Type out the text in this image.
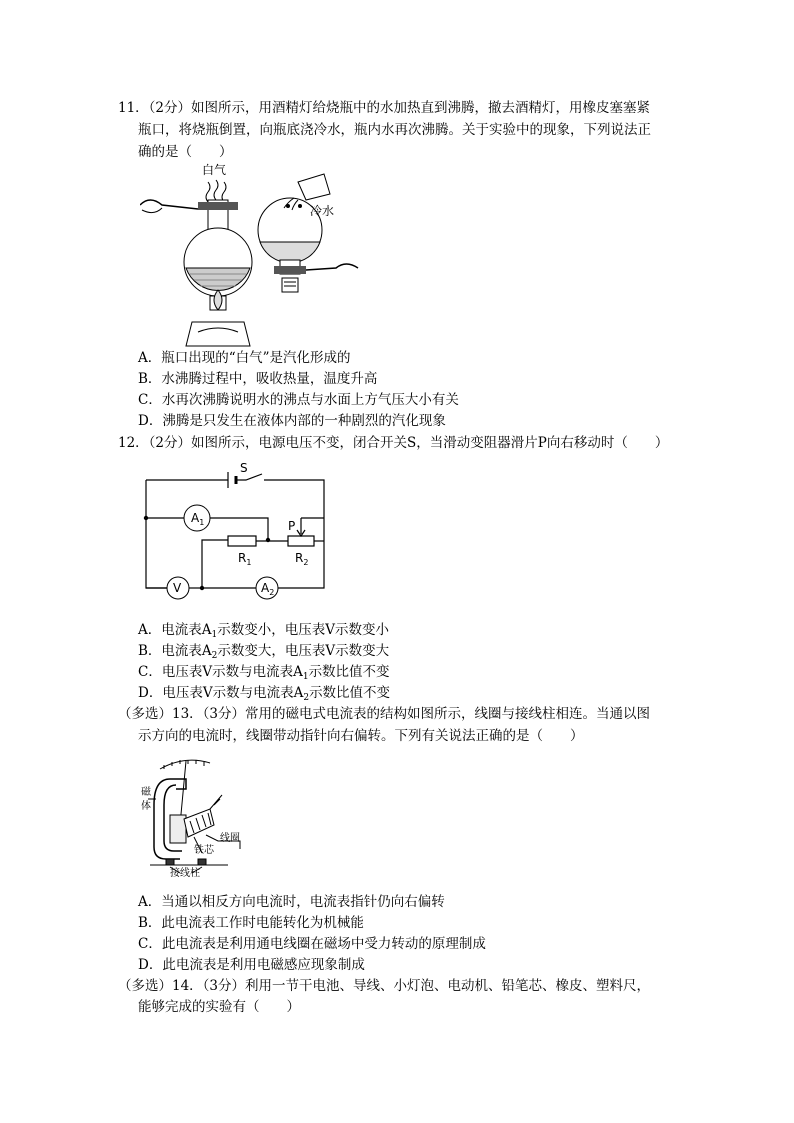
11．（2分）如图所示，用酒精灯给烧瓶中的水加热直到沸腾，撤去酒精灯，用橡皮塞塞紧
瓶口，将烧瓶倒置，向瓶底浇冷水，瓶内水再次沸腾。关于实验中的现象，下列说法正
确的是（　　）
白气
冷水
A．瓶口出现的“白气”是汽化形成的
B．水沸腾过程中，吸收热量，温度升高
C．水再次沸腾说明水的沸点与水面上方气压大小有关
D．沸腾是只发生在液体内部的一种剧烈的汽化现象
12．（2分）如图所示，电源电压不变，闭合开关S，当滑动变阻器滑片P向右移动时（　　）
S
P
$A_1$
$A_2$
V
$R_1$	$R_2$
A．电流表$A_1$示数变小，电压表V示数变小
B．电流表$A_2$示数变大，电压表V示数变大
C．电压表V示数与电流表$A_1$示数比值不变
D．电压表V示数与电流表$A_2$示数比值不变
（多选）13．（3分）常用的磁电式电流表的结构如图所示，线圈与接线柱相连。当通以图
示方向的电流时，线圈带动指针向右偏转。下列有关说法正确的是（　　）
磁
体
线圈
铁芯
接线柱
A．当通以相反方向电流时，电流表指针仍向右偏转
B．此电流表工作时电能转化为机械能
C．此电流表是利用通电线圈在磁场中受力转动的原理制成
D．此电流表是利用电磁感应现象制成
（多选）14．（3分）利用一节干电池、导线、小灯泡、电动机、铅笔芯、橡皮、塑料尺，
能够完成的实验有（　　）
